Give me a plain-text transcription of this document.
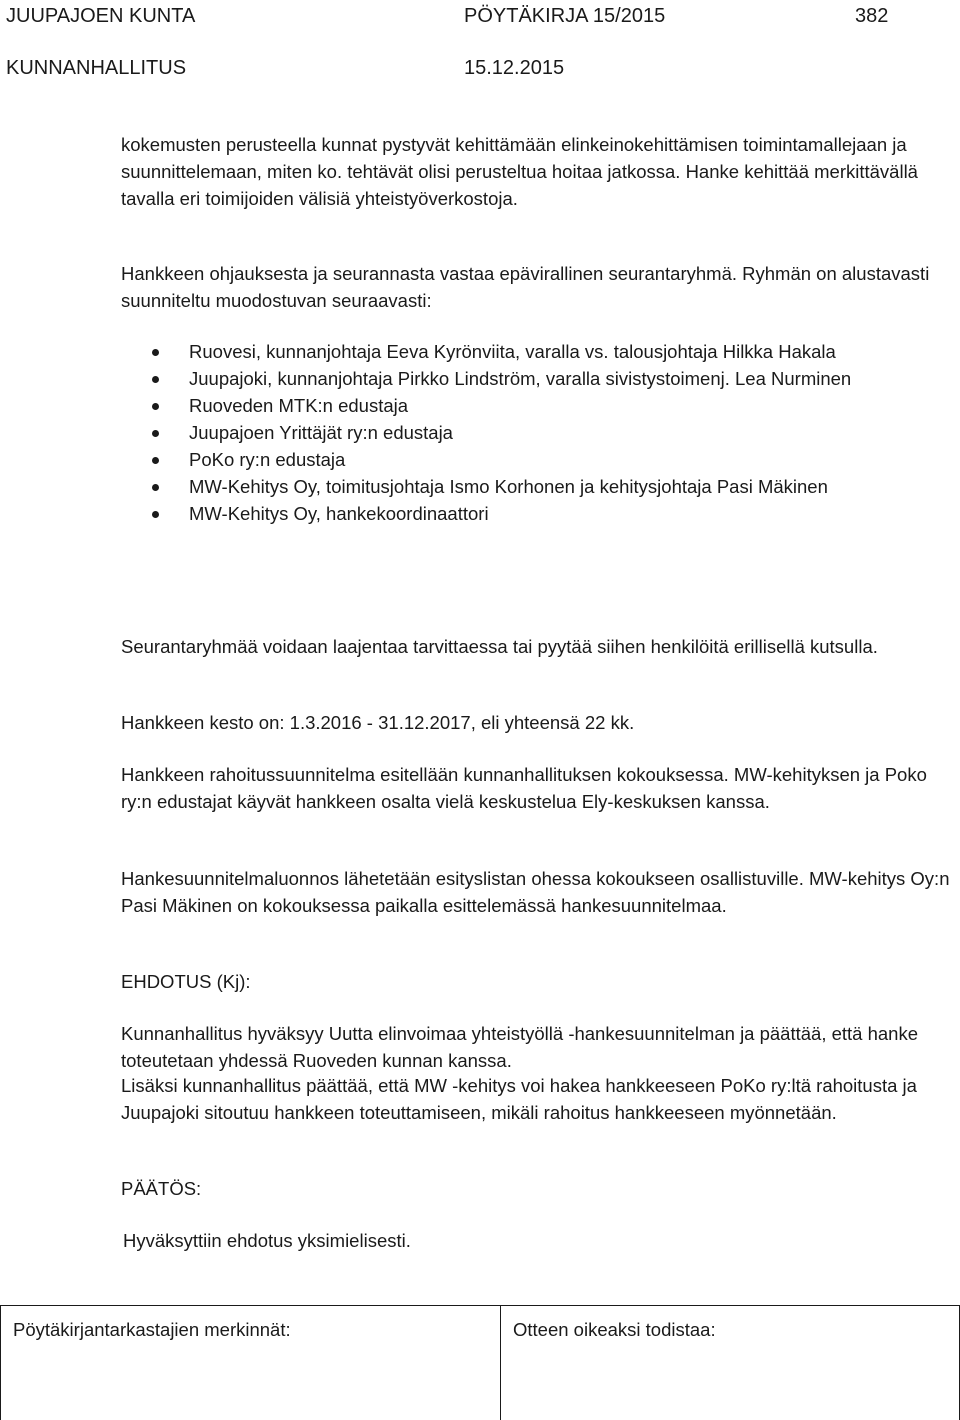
JUUPAJOEN KUNTA	PÖYTÄKIRJA 15/2015	382
KUNNANHALLITUS	15.12.2015

kokemusten perusteella kunnat pystyvät kehittämään elinkeinokehittämisen toimintamallejaan ja suunnittelemaan, miten ko. tehtävät olisi perusteltua hoitaa jatkossa. Hanke kehittää merkittävällä tavalla eri toimijoiden välisiä yhteistyöverkostoja.

Hankkeen ohjauksesta ja seurannasta vastaa epävirallinen seurantaryhmä. Ryhmän on alustavasti suunniteltu muodostuvan seuraavasti:

Ruovesi, kunnanjohtaja Eeva Kyrönviita, varalla vs. talousjohtaja Hilkka Hakala
Juupajoki, kunnanjohtaja Pirkko Lindström, varalla sivistystoimenj. Lea Nurminen
Ruoveden MTK:n edustaja
Juupajoen Yrittäjät ry:n edustaja
PoKo ry:n edustaja
MW-Kehitys Oy, toimitusjohtaja Ismo Korhonen ja kehitysjohtaja Pasi Mäkinen
MW-Kehitys Oy, hankekoordinaattori

Seurantaryhmää voidaan laajentaa tarvittaessa tai pyytää siihen henkilöitä erillisellä kutsulla.

Hankkeen kesto on: 1.3.2016 - 31.12.2017, eli yhteensä 22 kk.

Hankkeen rahoitussuunnitelma esitellään kunnanhallituksen kokouksessa. MW-kehityksen ja Poko ry:n edustajat käyvät hankkeen osalta vielä keskustelua Ely-keskuksen kanssa.

Hankesuunnitelmaluonnos lähetetään esityslistan ohessa kokoukseen osallistuville. MW-kehitys Oy:n Pasi Mäkinen on kokouksessa paikalla esittelemässä hankesuunnitelmaa.

EHDOTUS (Kj):

Kunnanhallitus hyväksyy Uutta elinvoimaa yhteistyöllä -hankesuunnitelman ja päättää, että hanke toteutetaan yhdessä Ruoveden kunnan kanssa.

Lisäksi kunnanhallitus päättää, että MW -kehitys voi hakea hankkeeseen PoKo ry:ltä rahoitusta ja Juupajoki sitoutuu hankkeen toteuttamiseen, mikäli rahoitus hankkeeseen myönnetään.

PÄÄTÖS:

Hyväksyttiin ehdotus yksimielisesti.

Pöytäkirjantarkastajien merkinnät:	Otteen oikeaksi todistaa:
